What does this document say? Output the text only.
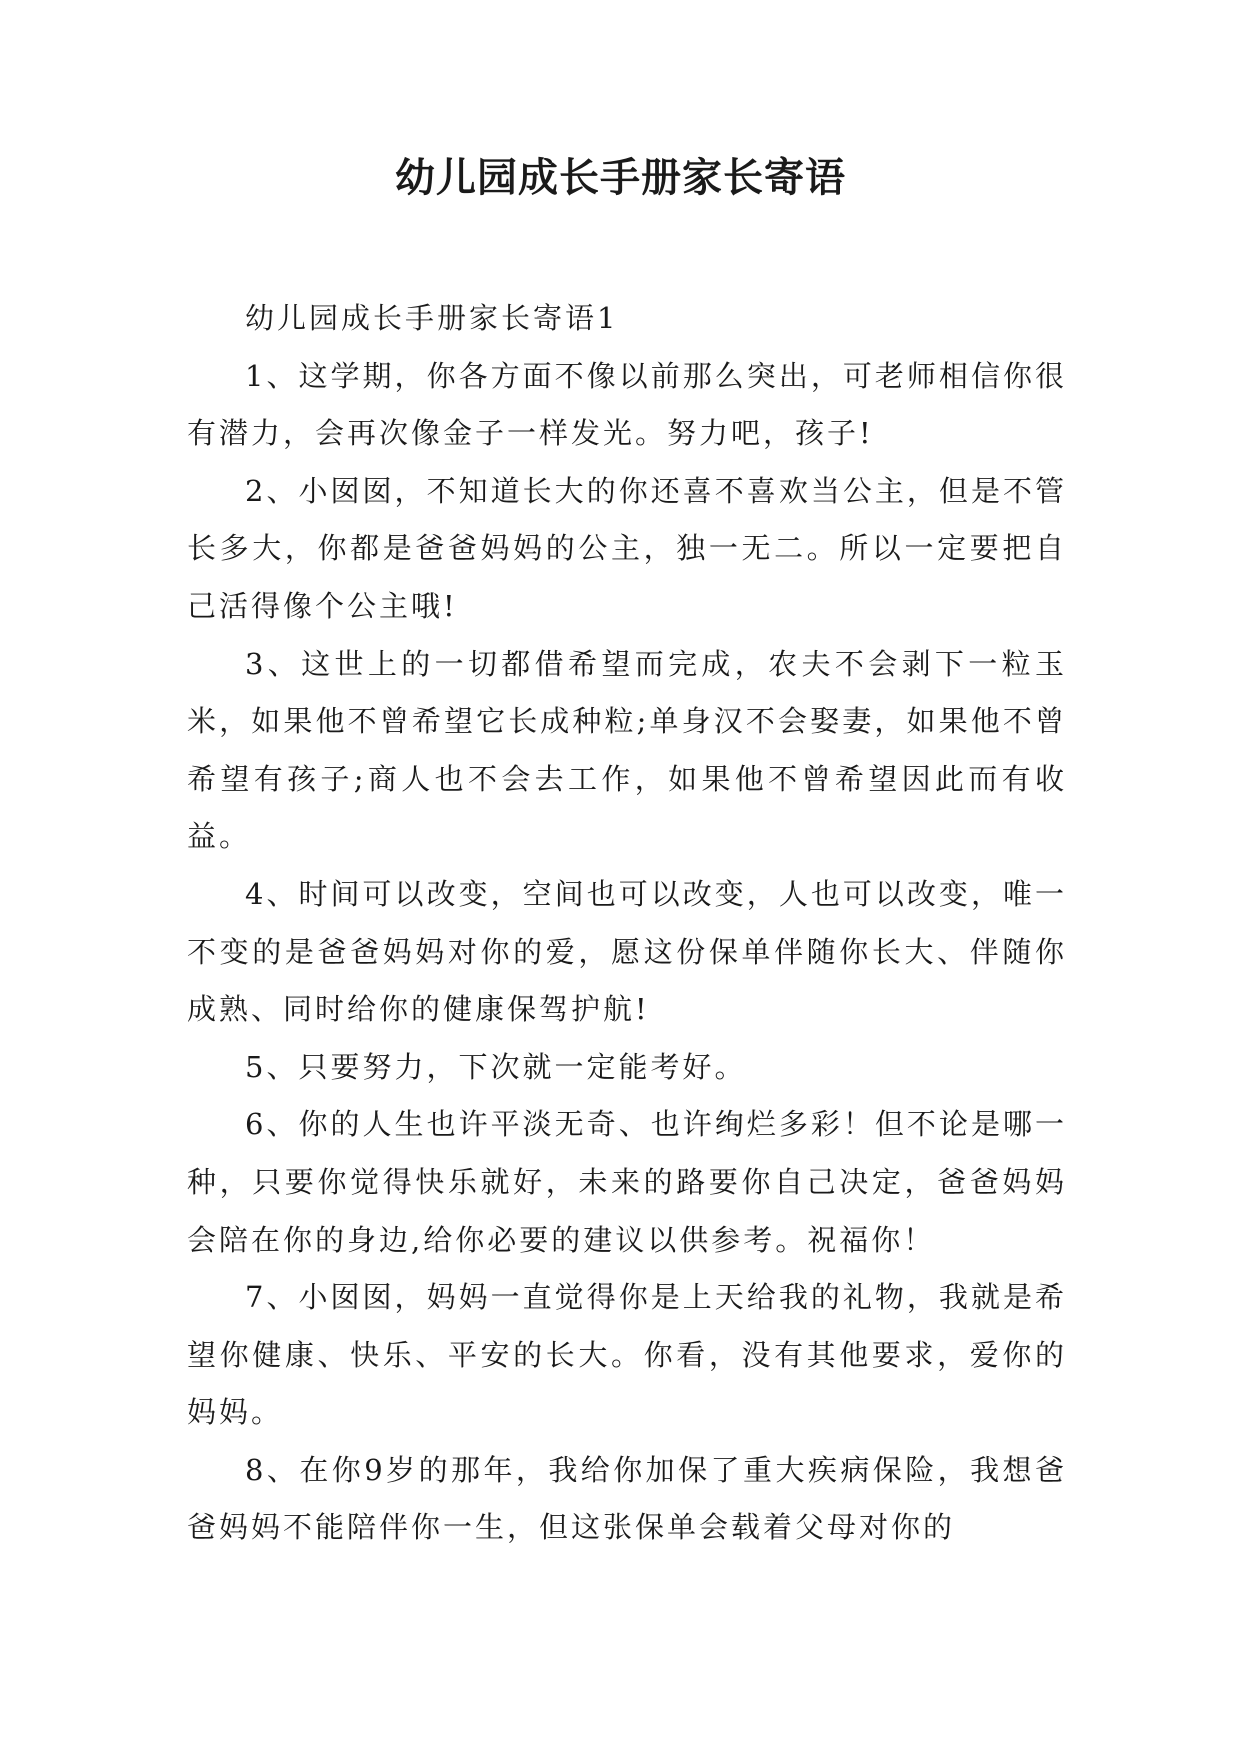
幼儿园成长手册家长寄语

幼儿园成长手册家长寄语1

1、这学期，你各方面不像以前那么突出，可老师相信你很有潜力，会再次像金子一样发光。努力吧，孩子!

2、小囡囡，不知道长大的你还喜不喜欢当公主，但是不管长多大，你都是爸爸妈妈的公主，独一无二。所以一定要把自己活得像个公主哦!

3、这世上的一切都借希望而完成，农夫不会剥下一粒玉米，如果他不曾希望它长成种粒;单身汉不会娶妻，如果他不曾希望有孩子;商人也不会去工作，如果他不曾希望因此而有收益。

4、时间可以改变，空间也可以改变，人也可以改变，唯一不变的是爸爸妈妈对你的爱，愿这份保单伴随你长大、伴随你成熟、同时给你的健康保驾护航!

5、只要努力，下次就一定能考好。

6、你的人生也许平淡无奇、也许绚烂多彩！但不论是哪一种，只要你觉得快乐就好，未来的路要你自己决定，爸爸妈妈会陪在你的身边,给你必要的建议以供参考。祝福你！

7、小囡囡，妈妈一直觉得你是上天给我的礼物，我就是希望你健康、快乐、平安的长大。你看，没有其他要求，爱你的妈妈。

8、在你9岁的那年，我给你加保了重大疾病保险，我想爸爸妈妈不能陪伴你一生，但这张保单会载着父母对你的
